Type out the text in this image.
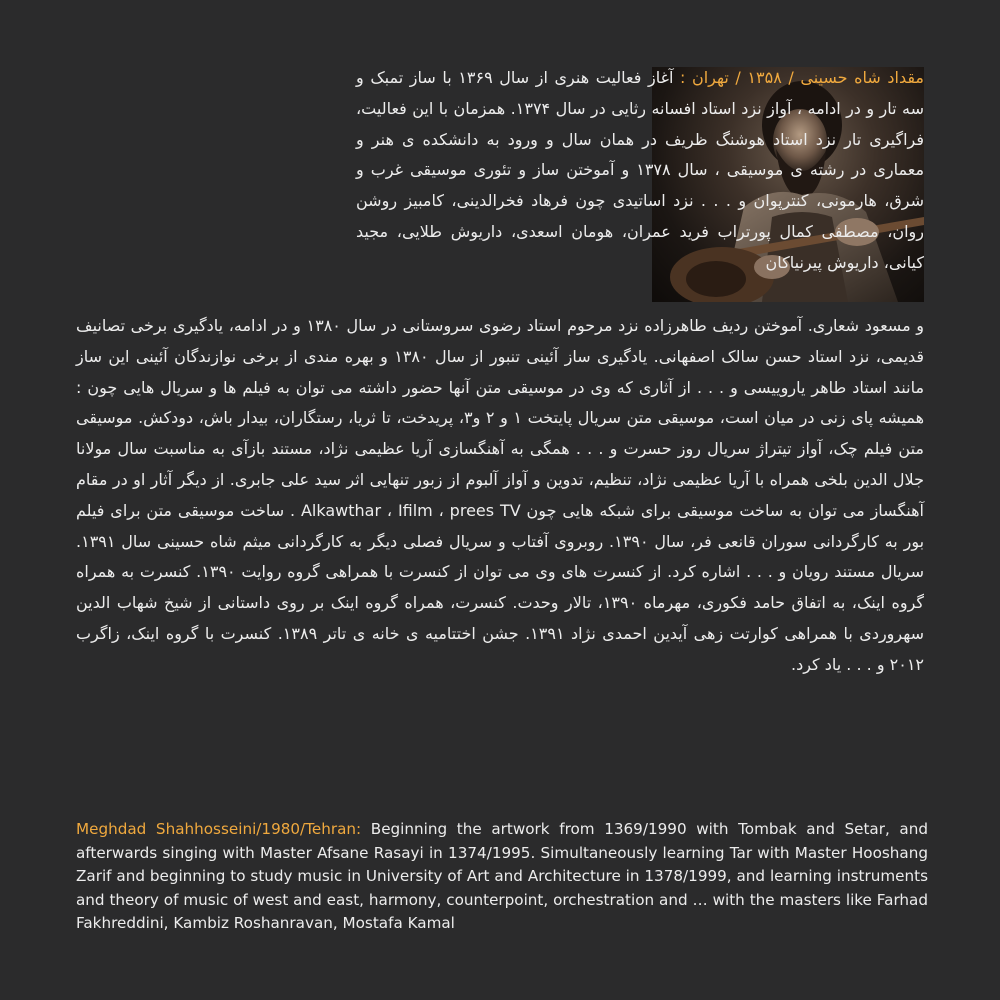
مقداد شاه حسینی / ۱۳۵۸ / تهران : آغاز فعالیت هنری از سال ۱۳۶۹ با ساز تمبک و سه تار و در ادامه ، آواز نزد استاد افسانه رثایی در سال ۱۳۷۴. همزمان با این فعالیت، فراگیری تار نزد استاد هوشنگ ظریف در همان سال و ورود به دانشکده ی هنر و معماری در رشته ی موسیقی ، سال ۱۳۷۸ و آموختن ساز و تئوری موسیقی غرب و شرق، هارمونی، کنترپوان و . . . نزد اساتیدی چون فرهاد فخرالدینی، کامبیز روشن روان، مصطفی کمال پورتراب فرید عمران، هومان اسعدی، داریوش طلایی، مجید کیانی، داریوش پیرنیاکان
و مسعود شعاری. آموختن ردیف طاهرزاده نزد مرحوم استاد رضوی سروستانی در سال ۱۳۸۰ و در ادامه، یادگیری برخی تصانیف قدیمی، نزد استاد حسن سالک اصفهانی. یادگیری ساز آئینی تنبور از سال ۱۳۸۰ و بهره مندی از برخی نوازندگان آئینی این ساز مانند استاد طاهر یاروییسی و . . . از آثاری که وی در موسیقی متن آنها حضور داشته می توان به فیلم ها و سریال هایی چون : همیشه پای زنی در میان است، موسیقی متن سریال پایتخت ۱ و ۲ و۳، پریدخت، تا ثریا، رستگاران، بیدار باش، دودکش. موسیقی متن فیلم چک، آواز تیتراژ سریال روز حسرت و . . . همگی به آهنگسازی آریا عظیمی نژاد، مستند بازآی به مناسبت سال مولانا جلال الدین بلخی همراه با آریا عظیمی نژاد، تنظیم، تدوین و آواز آلبوم از زبور تنهایی اثر سید علی جابری. از دیگر آثار او در مقام آهنگساز می توان به ساخت موسیقی برای شبکه هایی چون Alkawthar ، Ifilm ، prees TV . ساخت موسیقی متن برای فیلم بور به کارگردانی سوران قانعی فر، سال ۱۳۹۰. روبروی آفتاب و سریال فصلی دیگر به کارگردانی میثم شاه حسینی سال ۱۳۹۱. سریال مستند رویان و . . . اشاره کرد. از کنسرت های وی می توان از کنسرت با همراهی گروه روایت ۱۳۹۰. کنسرت به همراه گروه اینک، به اتفاق حامد فکوری، مهرماه ۱۳۹۰، تالار وحدت. کنسرت، همراه گروه اینک بر روی داستانی از شیخ شهاب الدین سهروردی با همراهی کوارتت زهی آیدین احمدی نژاد ۱۳۹۱. جشن اختتامیه ی خانه ی تاتر ۱۳۸۹. کنسرت با گروه اینک، زاگرب ۲۰۱۲ و . . . یاد کرد.

Meghdad Shahhosseini/1980/Tehran: Beginning the artwork from 1369/1990 with Tombak and Setar, and afterwards singing with Master Afsane Rasayi in 1374/1995. Simultaneously learning Tar with Master Hooshang Zarif and beginning to study music in University of Art and Architecture in 1378/1999, and learning instruments and theory of music of west and east, harmony, counterpoint, orchestration and … with the masters like Farhad Fakhreddini, Kambiz Roshanravan, Mostafa Kamal
